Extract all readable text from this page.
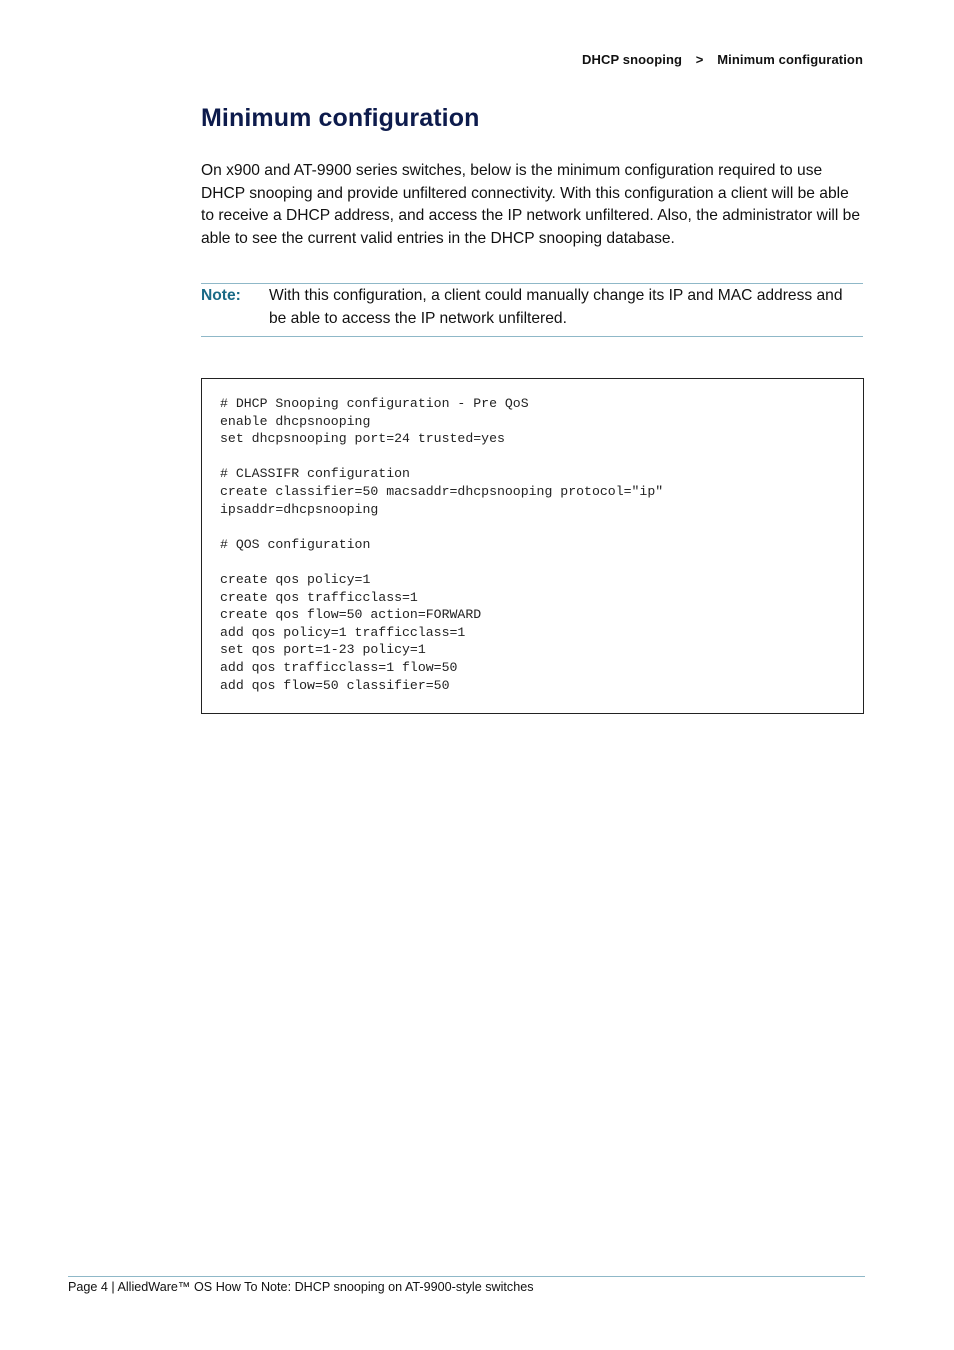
DHCP snooping > Minimum configuration
Minimum configuration

On x900 and AT-9900 series switches, below is the minimum configuration required to use DHCP snooping and provide unfiltered connectivity. With this configuration a client will be able to receive a DHCP address, and access the IP network unfiltered. Also, the administrator will be able to see the current valid entries in the DHCP snooping database.

Note:	With this configuration, a client could manually change its IP and MAC address and be able to access the IP network unfiltered.
# DHCP Snooping configuration - Pre QoS
enable dhcpsnooping
set dhcpsnooping port=24 trusted=yes

# CLASSIFR configuration
create classifier=50 macsaddr=dhcpsnooping protocol="ip"
ipsaddr=dhcpsnooping

# QOS configuration

create qos policy=1
create qos trafficclass=1
create qos flow=50 action=FORWARD
add qos policy=1 trafficclass=1
set qos port=1-23 policy=1
add qos trafficclass=1 flow=50
add qos flow=50 classifier=50
Page 4 | AlliedWare™ OS How To Note: DHCP snooping on AT-9900-style switches
